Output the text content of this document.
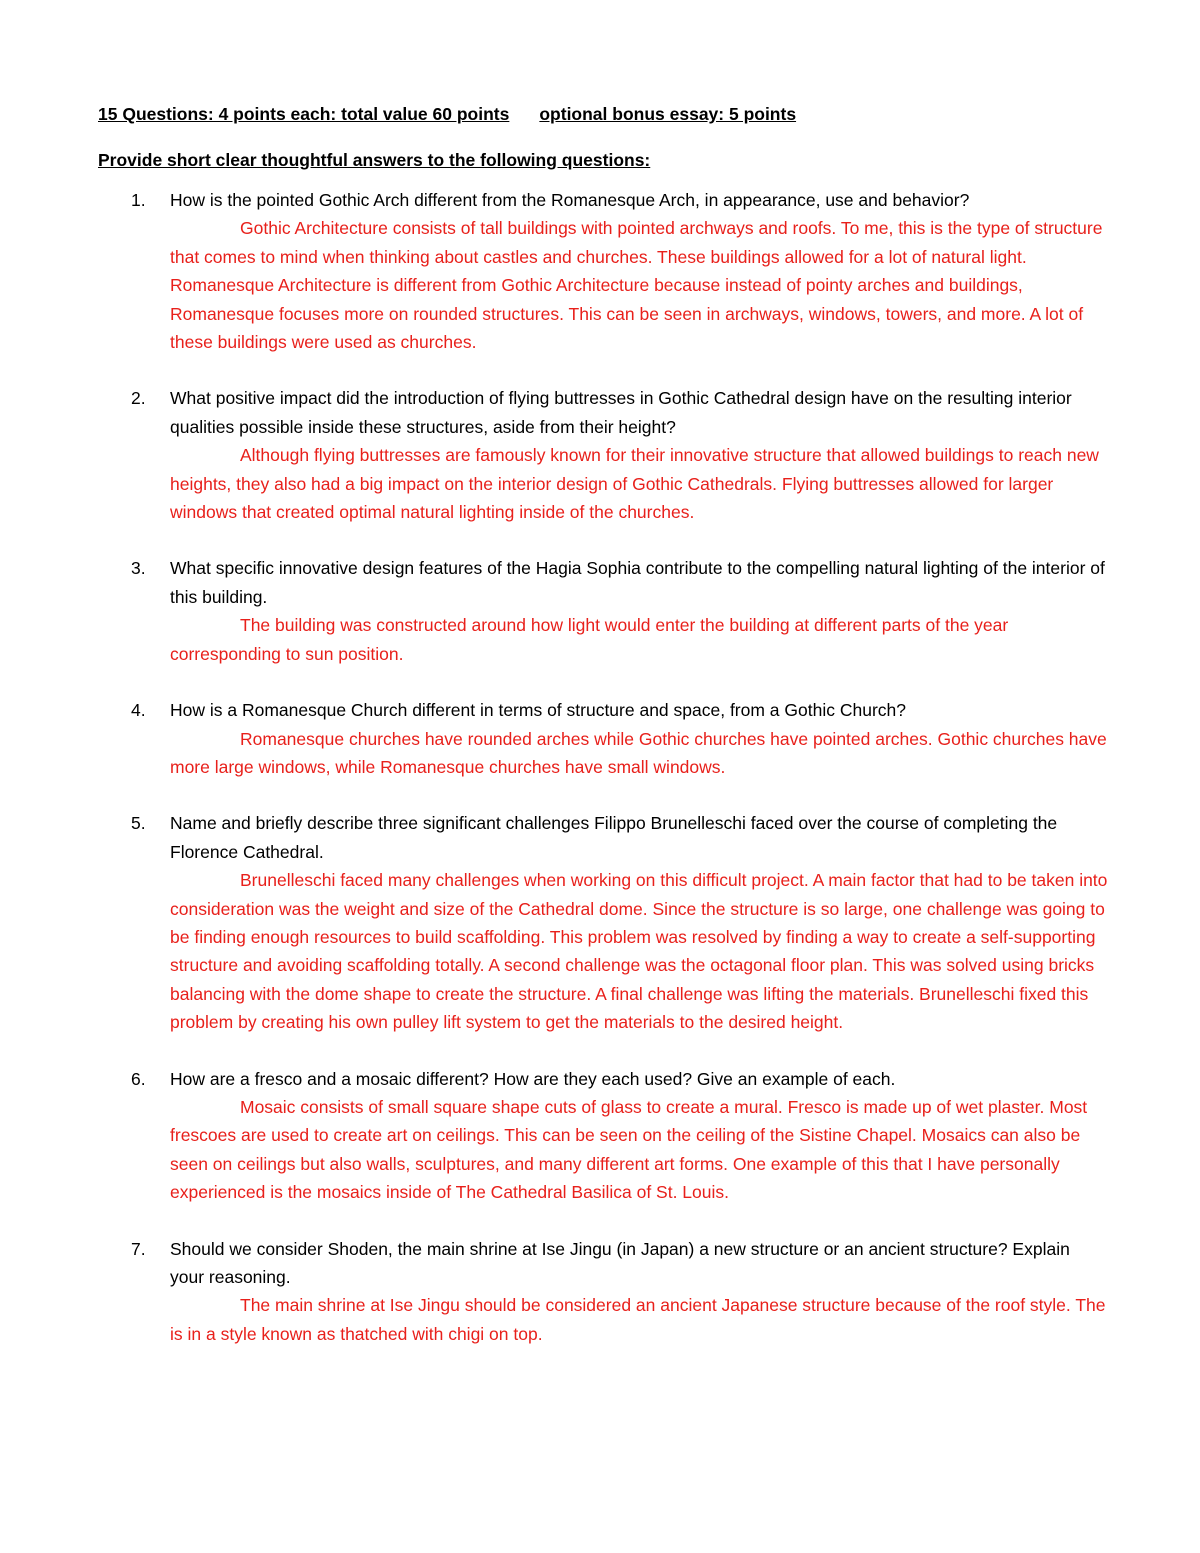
15 Questions: 4 points each: total value 60 points optional bonus essay: 5 points
Provide short clear thoughtful answers to the following questions:
1. How is the pointed Gothic Arch different from the Romanesque Arch, in appearance, use and behavior?
Gothic Architecture consists of tall buildings with pointed archways and roofs. To me, this is the type of structure that comes to mind when thinking about castles and churches. These buildings allowed for a lot of natural light. Romanesque Architecture is different from Gothic Architecture because instead of pointy arches and buildings, Romanesque focuses more on rounded structures. This can be seen in archways, windows, towers, and more. A lot of these buildings were used as churches.
2. What positive impact did the introduction of flying buttresses in Gothic Cathedral design have on the resulting interior qualities possible inside these structures, aside from their height?
Although flying buttresses are famously known for their innovative structure that allowed buildings to reach new heights, they also had a big impact on the interior design of Gothic Cathedrals. Flying buttresses allowed for larger windows that created optimal natural lighting inside of the churches.
3. What specific innovative design features of the Hagia Sophia contribute to the compelling natural lighting of the interior of this building.
The building was constructed around how light would enter the building at different parts of the year corresponding to sun position.
4. How is a Romanesque Church different in terms of structure and space, from a Gothic Church?
Romanesque churches have rounded arches while Gothic churches have pointed arches. Gothic churches have more large windows, while Romanesque churches have small windows.
5. Name and briefly describe three significant challenges Filippo Brunelleschi faced over the course of completing the Florence Cathedral.
Brunelleschi faced many challenges when working on this difficult project. A main factor that had to be taken into consideration was the weight and size of the Cathedral dome. Since the structure is so large, one challenge was going to be finding enough resources to build scaffolding. This problem was resolved by finding a way to create a self-supporting structure and avoiding scaffolding totally. A second challenge was the octagonal floor plan. This was solved using bricks balancing with the dome shape to create the structure. A final challenge was lifting the materials. Brunelleschi fixed this problem by creating his own pulley lift system to get the materials to the desired height.
6. How are a fresco and a mosaic different? How are they each used? Give an example of each.
Mosaic consists of small square shape cuts of glass to create a mural. Fresco is made up of wet plaster. Most frescoes are used to create art on ceilings. This can be seen on the ceiling of the Sistine Chapel. Mosaics can also be seen on ceilings but also walls, sculptures, and many different art forms. One example of this that I have personally experienced is the mosaics inside of The Cathedral Basilica of St. Louis.
7. Should we consider Shoden, the main shrine at Ise Jingu (in Japan) a new structure or an ancient structure? Explain your reasoning.
The main shrine at Ise Jingu should be considered an ancient Japanese structure because of the roof style. The is in a style known as thatched with chigi on top.
